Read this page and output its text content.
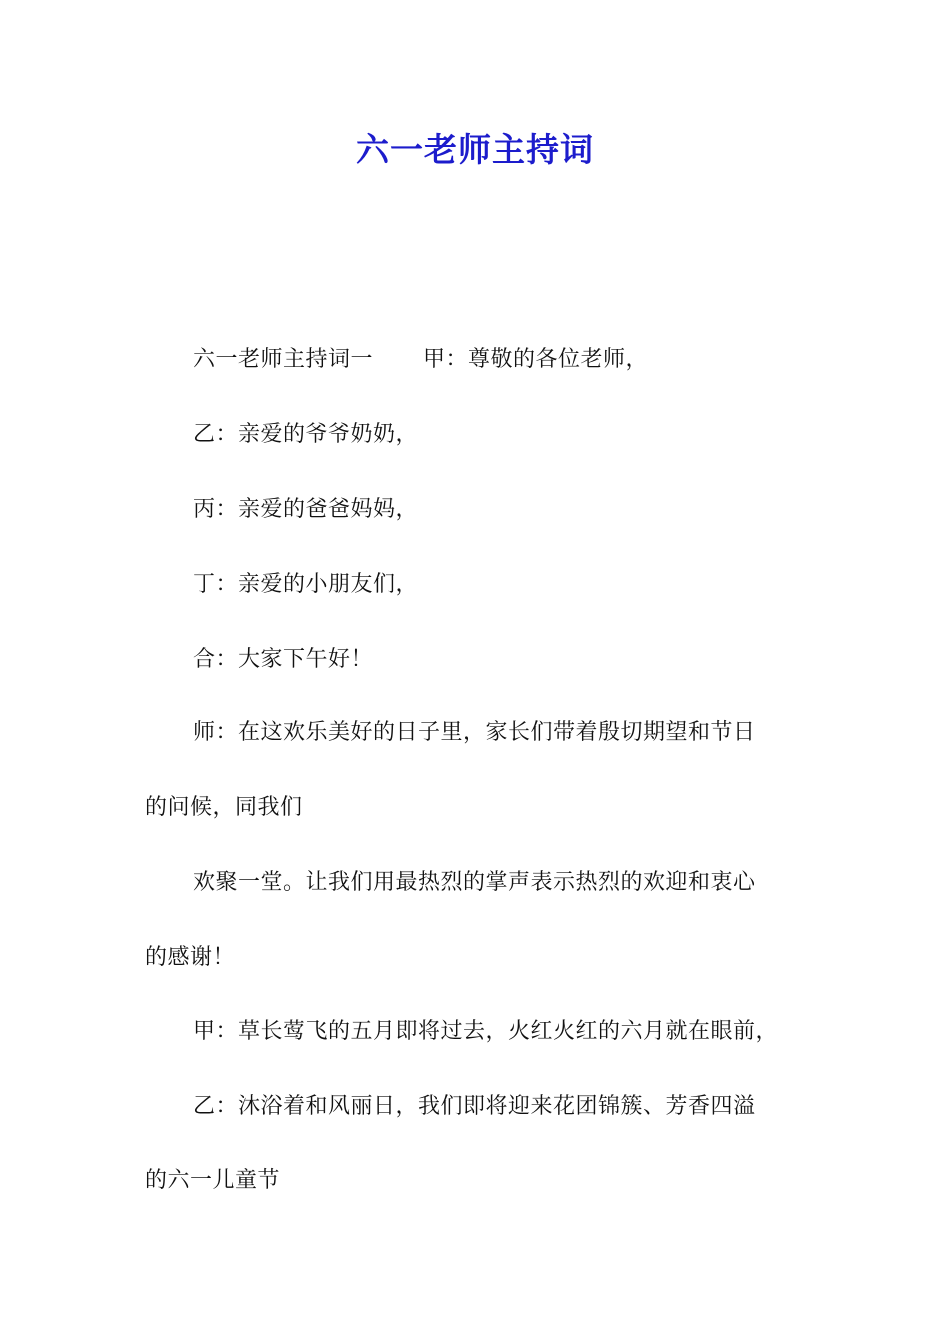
六一老师主持词
六一老师主持词一 甲：尊敬的各位老师，
乙：亲爱的爷爷奶奶，
丙：亲爱的爸爸妈妈，
丁：亲爱的小朋友们，
合：大家下午好！
师：在这欢乐美好的日子里，家长们带着殷切期望和节日
的问候，同我们
欢聚一堂。让我们用最热烈的掌声表示热烈的欢迎和衷心
的感谢！
甲：草长莺飞的五月即将过去，火红火红的六月就在眼前，
乙：沐浴着和风丽日，我们即将迎来花团锦簇、芳香四溢
的六一儿童节
